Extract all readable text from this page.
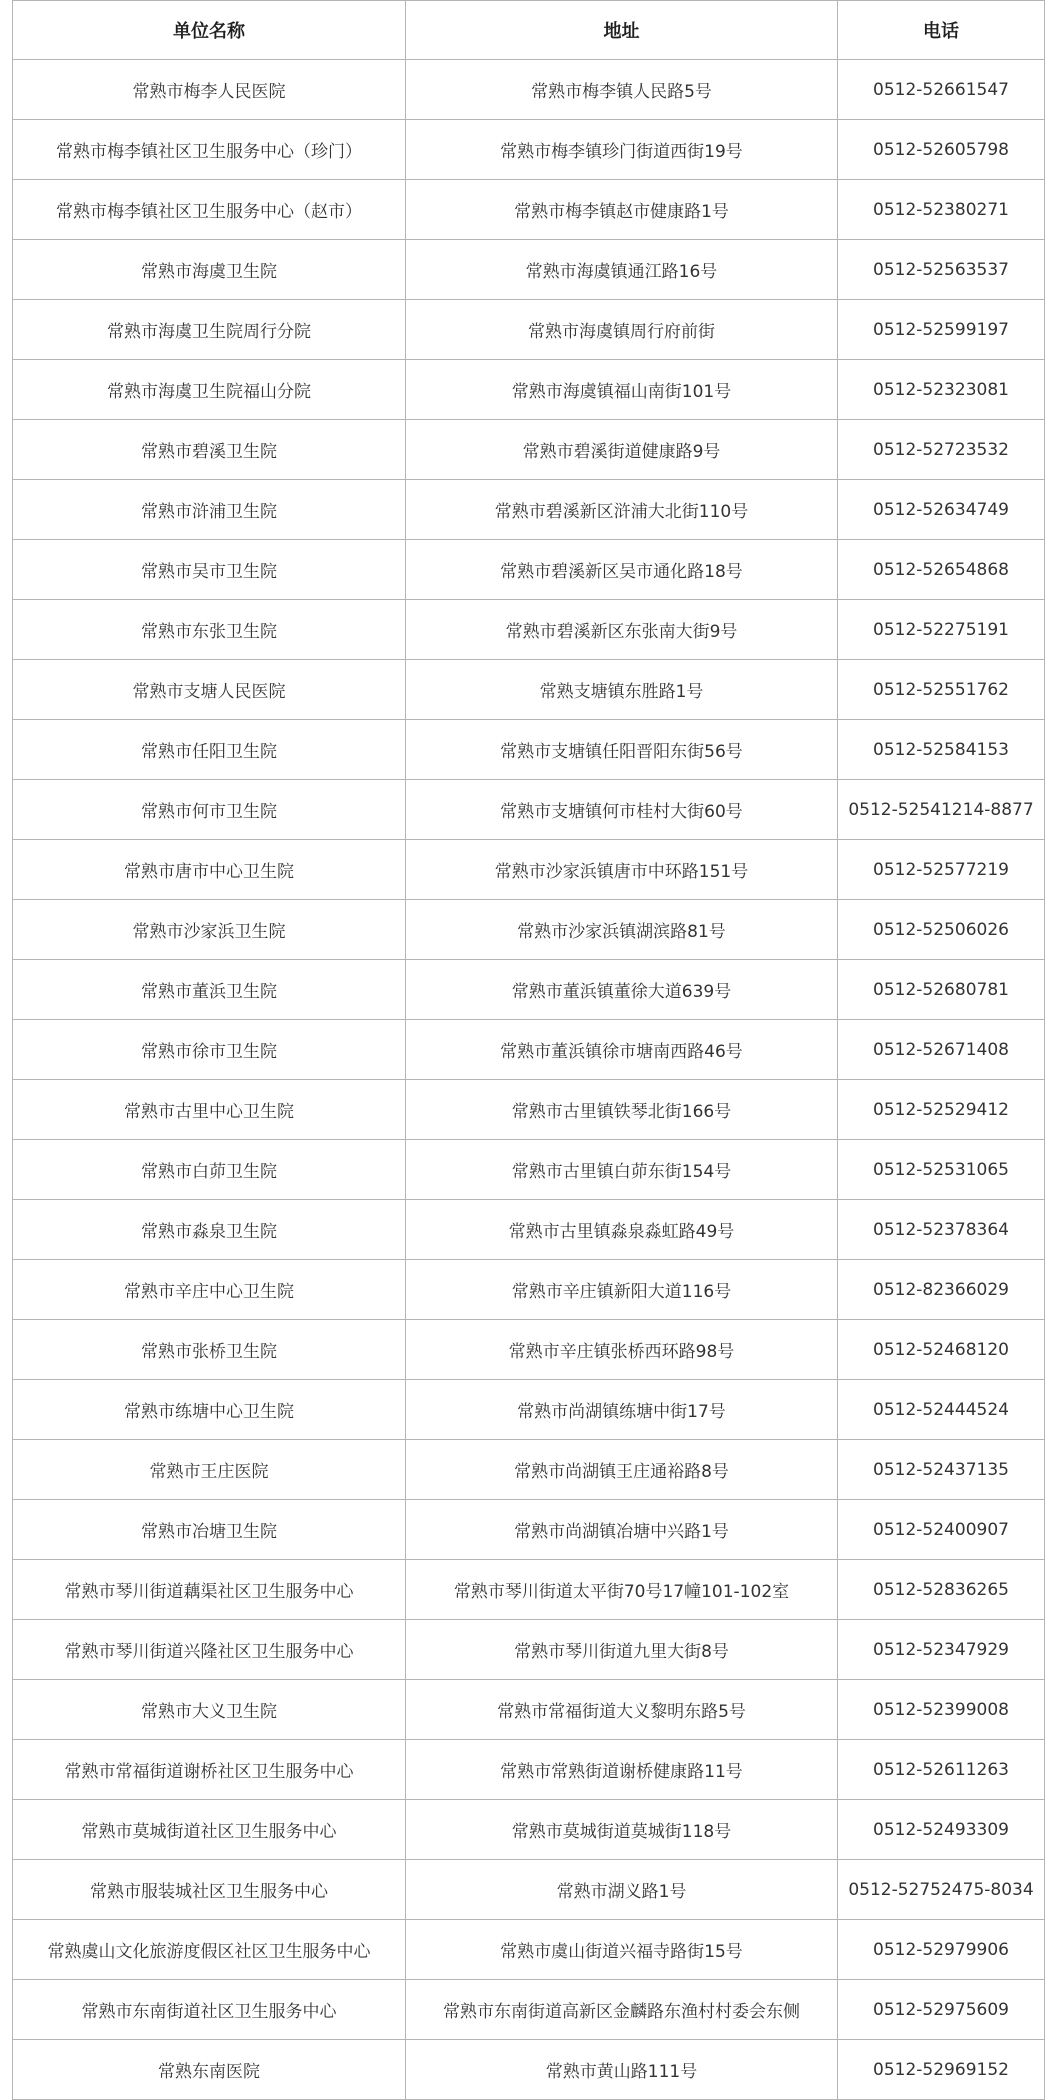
单位名称	地址	电话
常熟市梅李人民医院	常熟市梅李镇人民路5号	0512-52661547
常熟市梅李镇社区卫生服务中心（珍门）	常熟市梅李镇珍门街道西街19号	0512-52605798
常熟市梅李镇社区卫生服务中心（赵市）	常熟市梅李镇赵市健康路1号	0512-52380271
常熟市海虞卫生院	常熟市海虞镇通江路16号	0512-52563537
常熟市海虞卫生院周行分院	常熟市海虞镇周行府前街	0512-52599197
常熟市海虞卫生院福山分院	常熟市海虞镇福山南街101号	0512-52323081
常熟市碧溪卫生院	常熟市碧溪街道健康路9号	0512-52723532
常熟市浒浦卫生院	常熟市碧溪新区浒浦大北街110号	0512-52634749
常熟市吴市卫生院	常熟市碧溪新区吴市通化路18号	0512-52654868
常熟市东张卫生院	常熟市碧溪新区东张南大街9号	0512-52275191
常熟市支塘人民医院	常熟支塘镇东胜路1号	0512-52551762
常熟市任阳卫生院	常熟市支塘镇任阳晋阳东街56号	0512-52584153
常熟市何市卫生院	常熟市支塘镇何市桂村大街60号	0512-52541214-8877
常熟市唐市中心卫生院	常熟市沙家浜镇唐市中环路151号	0512-52577219
常熟市沙家浜卫生院	常熟市沙家浜镇湖滨路81号	0512-52506026
常熟市董浜卫生院	常熟市董浜镇董徐大道639号	0512-52680781
常熟市徐市卫生院	常熟市董浜镇徐市塘南西路46号	0512-52671408
常熟市古里中心卫生院	常熟市古里镇铁琴北街166号	0512-52529412
常熟市白茆卫生院	常熟市古里镇白茆东街154号	0512-52531065
常熟市淼泉卫生院	常熟市古里镇淼泉淼虹路49号	0512-52378364
常熟市辛庄中心卫生院	常熟市辛庄镇新阳大道116号	0512-82366029
常熟市张桥卫生院	常熟市辛庄镇张桥西环路98号	0512-52468120
常熟市练塘中心卫生院	常熟市尚湖镇练塘中街17号	0512-52444524
常熟市王庄医院	常熟市尚湖镇王庄通裕路8号	0512-52437135
常熟市冶塘卫生院	常熟市尚湖镇冶塘中兴路1号	0512-52400907
常熟市琴川街道藕渠社区卫生服务中心	常熟市琴川街道太平街70号17幢101-102室	0512-52836265
常熟市琴川街道兴隆社区卫生服务中心	常熟市琴川街道九里大街8号	0512-52347929
常熟市大义卫生院	常熟市常福街道大义黎明东路5号	0512-52399008
常熟市常福街道谢桥社区卫生服务中心	常熟市常熟街道谢桥健康路11号	0512-52611263
常熟市莫城街道社区卫生服务中心	常熟市莫城街道莫城街118号	0512-52493309
常熟市服装城社区卫生服务中心	常熟市湖义路1号	0512-52752475-8034
常熟虞山文化旅游度假区社区卫生服务中心	常熟市虞山街道兴福寺路街15号	0512-52979906
常熟市东南街道社区卫生服务中心	常熟市东南街道高新区金麟路东渔村村委会东侧	0512-52975609
常熟东南医院	常熟市黄山路111号	0512-52969152
